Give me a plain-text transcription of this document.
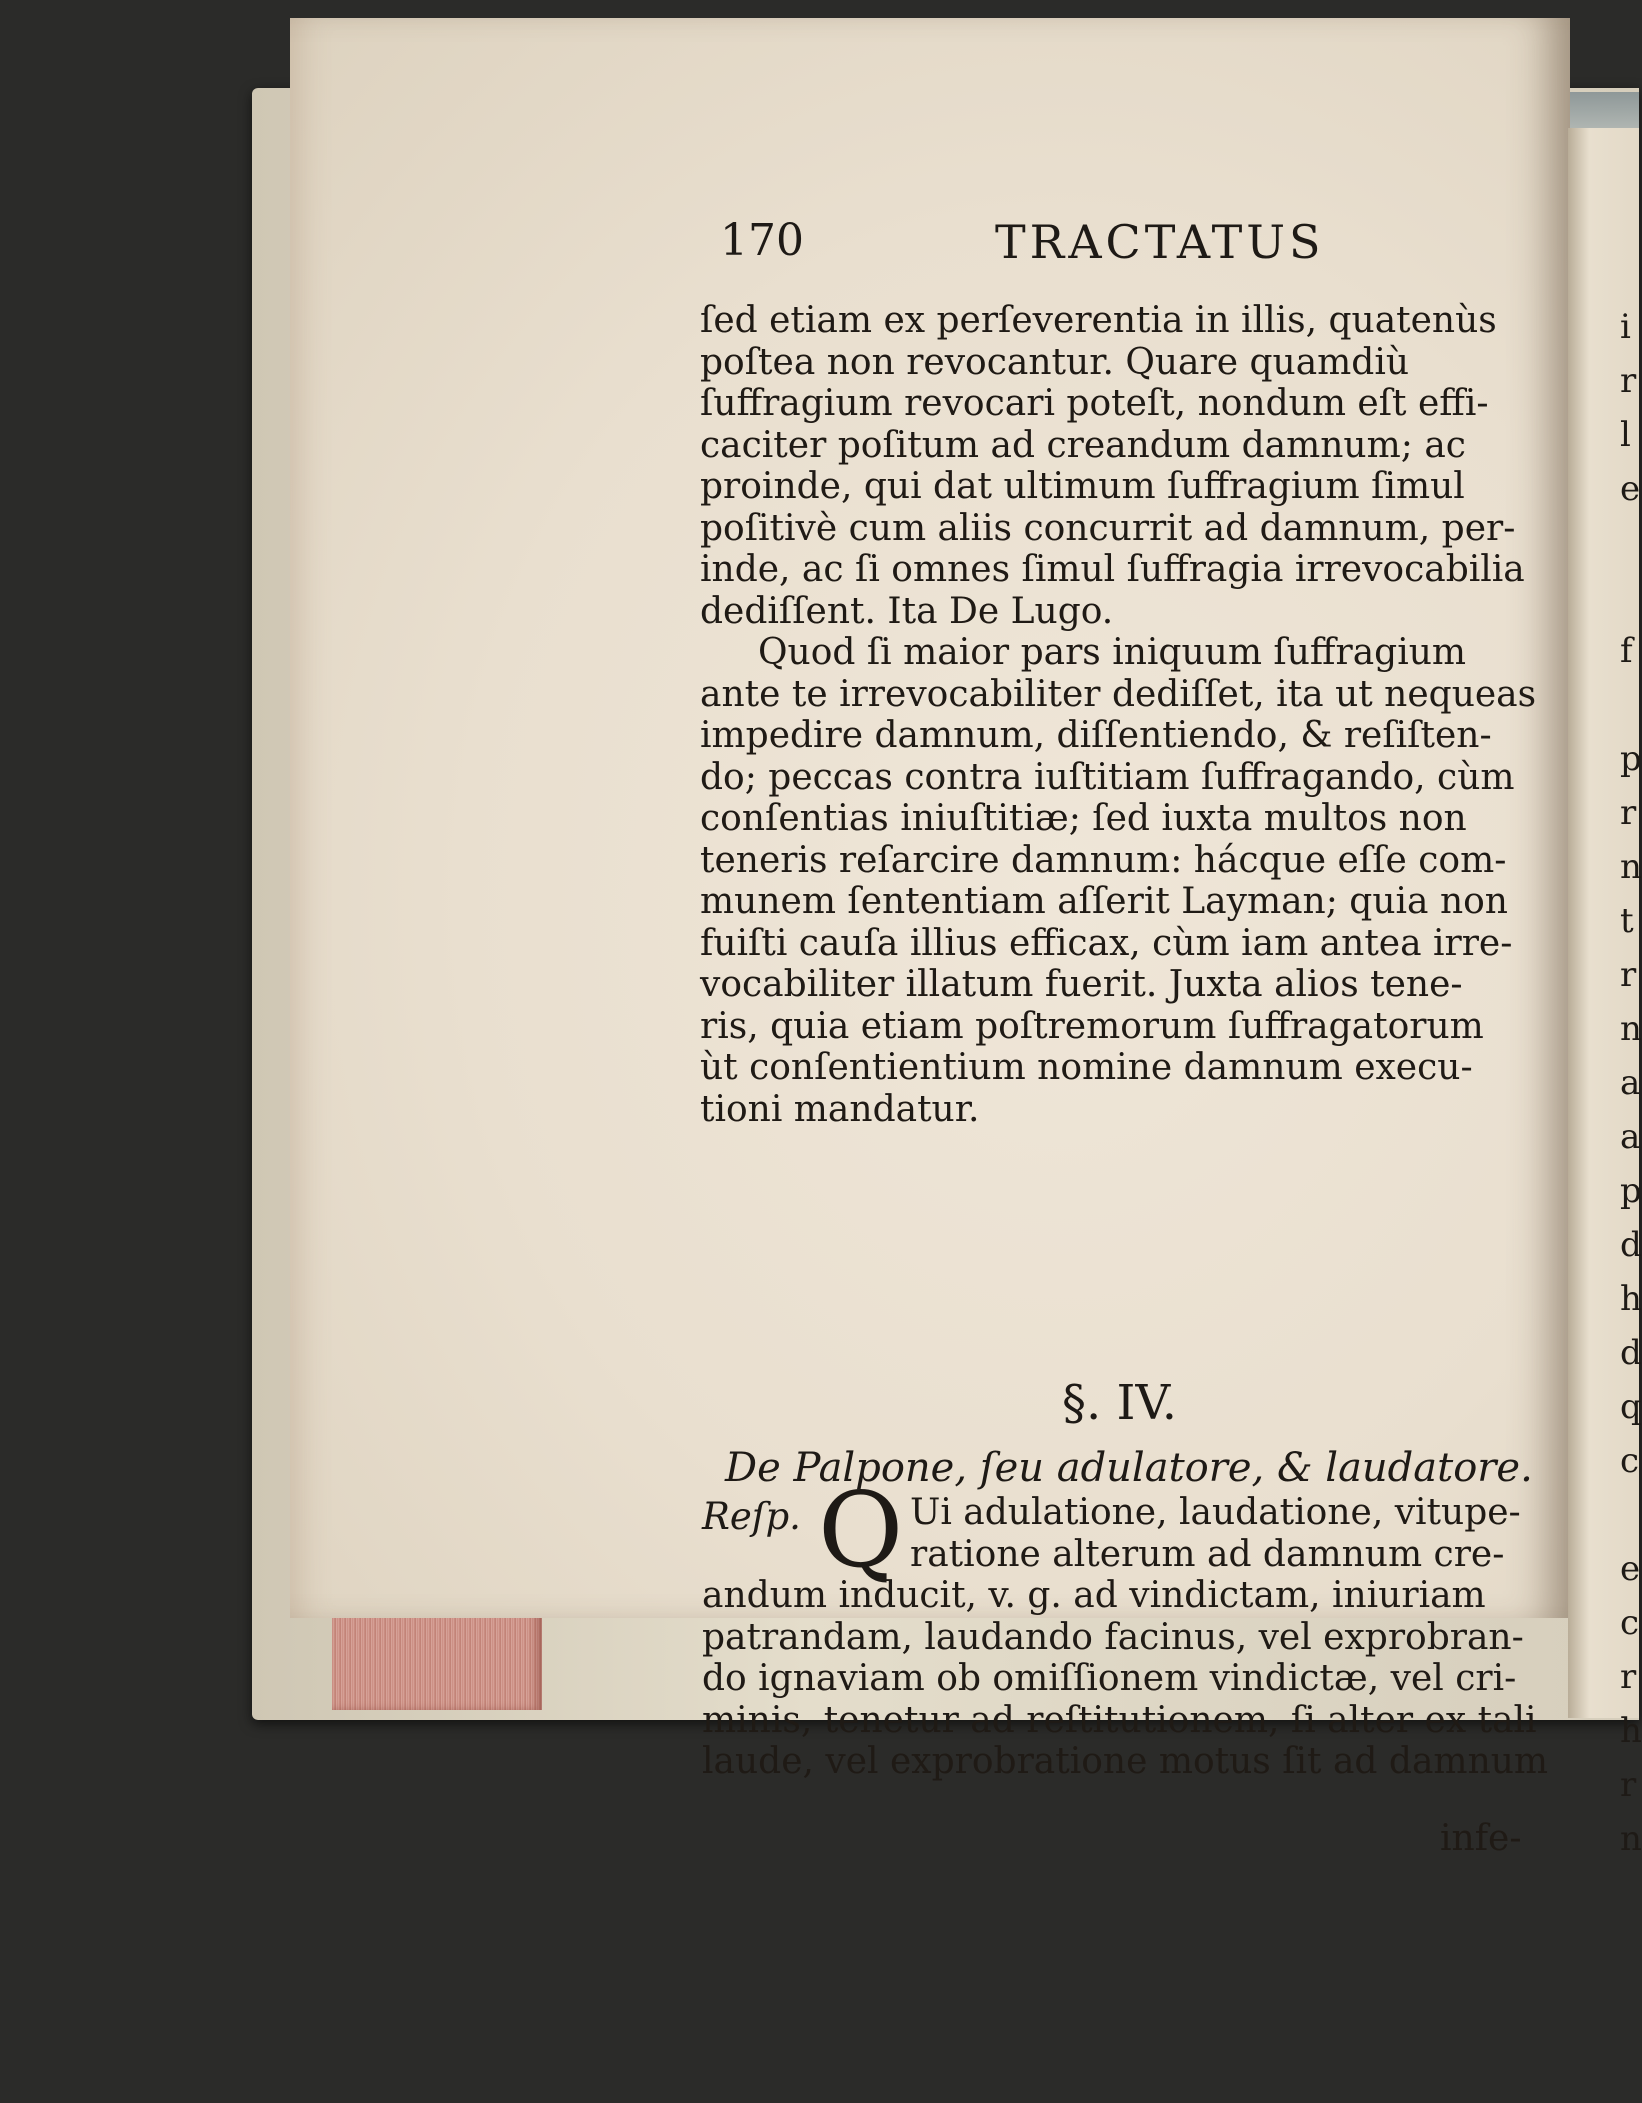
170	TRACTATUS
ſed etiam ex perſeverentia in illis, quatenùs
poſtea non revocantur. Quare quamdiù
ſuffragium revocari poteſt, nondum eſt effi-
caciter poſitum ad creandum damnum; ac
proinde, qui dat ultimum ſuffragium ſimul
poſitivè cum aliis concurrit ad damnum, per-
inde, ac ſi omnes ſimul ſuffragia irrevocabilia
dediſſent. Ita De Lugo.
Quod ſi maior pars iniquum ſuffragium
ante te irrevocabiliter dediſſet, ita ut nequeas
impedire damnum, diſſentiendo, & reſiſten-
do; peccas contra iuſtitiam ſuffragando, cùm
conſentias iniuſtitiæ; ſed iuxta multos non
teneris reſarcire damnum: hácque eſſe com-
munem ſententiam aſſerit Layman; quia non
fuiſti cauſa illius efficax, cùm iam antea irre-
vocabiliter illatum fuerit. Juxta alios tene-
ris, quia etiam poſtremorum ſuffragatorum
ùt conſentientium nomine damnum execu-
tioni mandatur.
§. IV.
De Palpone, ſeu adulatore, & laudatore.
Reſp. Q Ui adulatione, laudatione, vitupe-
ratione alterum ad damnum cre-
andum inducit, v. g. ad vindictam, iniuriam
patrandam, laudando facinus, vel exprobran-
do ignaviam ob omiſſionem vindictæ, vel cri-
minis, tenetur ad reſtitutionem, ſi alter ex tali
laude, vel exprobratione motus ſit ad damnum
infe-
i
r
l
e

f

p
r
n
t
r
n
a
a
p
d
h
d
q
c

e
c
r
h
r
n
